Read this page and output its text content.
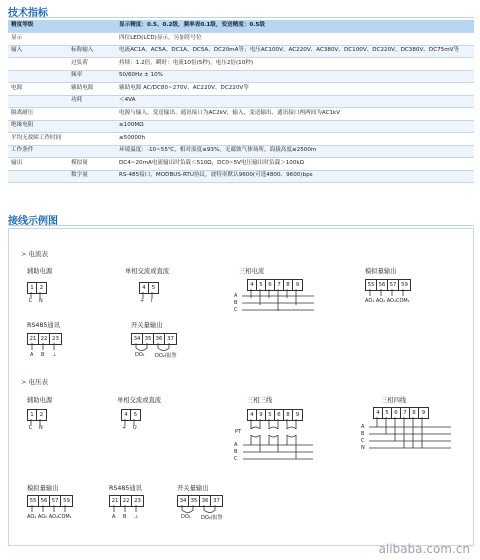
技术指标
精度等级		显示精度：0.5、0.2级，频率表0.1级，变送精度：0.5级
显示		四位LED(LCD)显示，另加符号位
输入	标称输入	电流AC1A、AC5A、DC1A、DC5A、DC20mA等；电压AC100V、AC220V、AC380V、DC100V、DC220V、DC380V、DC75mV等
	过负荷	持续：1.2倍，瞬时：电流10倍(5秒)，电压2倍(10秒)
	频率	50/60Hz ± 10%
电源	辅助电源	辅助电源 AC/DC80~270V、AC220V、DC220V等
	功耗	＜4VA
隔离耐压		电源与输入、变送输出、通讯接口为AC2kV，输入、变送输出、通讯接口两两间为AC1kV
绝缘电阻		≥100MΩ
平均无故障工作时间		≥50000h
工作条件		环境温度：-10~55℃，相对湿度≤93%，无腐蚀气体场所，海拔高度≤2500m
输出	模拟量	DC4~20mA电流输出时负载＜510Ω，DC0~5V电压输出时负载＞100kΩ
	数字量	RS-485接口，MODBUS-RTU协议，波特率默认9600(可选4800、9600)bps
接线示例图
> 电流表
辅助电源
1	2
L N
单相交流或直流
4	5
+ I
三相电流
4	5	6	7	8	9
A
B
C
模拟量输出
55 56 57 59
AO₁ AO₂ AO₃COM₁
RS485通讯
21 22 23
A B ⊥
开关量输出
34 35 36 37
DO₁ DO₂/报警
> 电压表
辅助电源
1	2
L N
单相交流或直流
4	5
+ U
三相三线
4	9	5	6	8	9
PT
A
B
C
三相四线
4	5	6	7	8	9
A
B
C
N
模拟量输出
55 56 57 59
AO₁ AO₂ AO₃COM₁
RS485通讯
21 22 23
A B ⊥
开关量输出
34 35 36 37
DO₁ DO₂/报警
alibaba.com.cn
